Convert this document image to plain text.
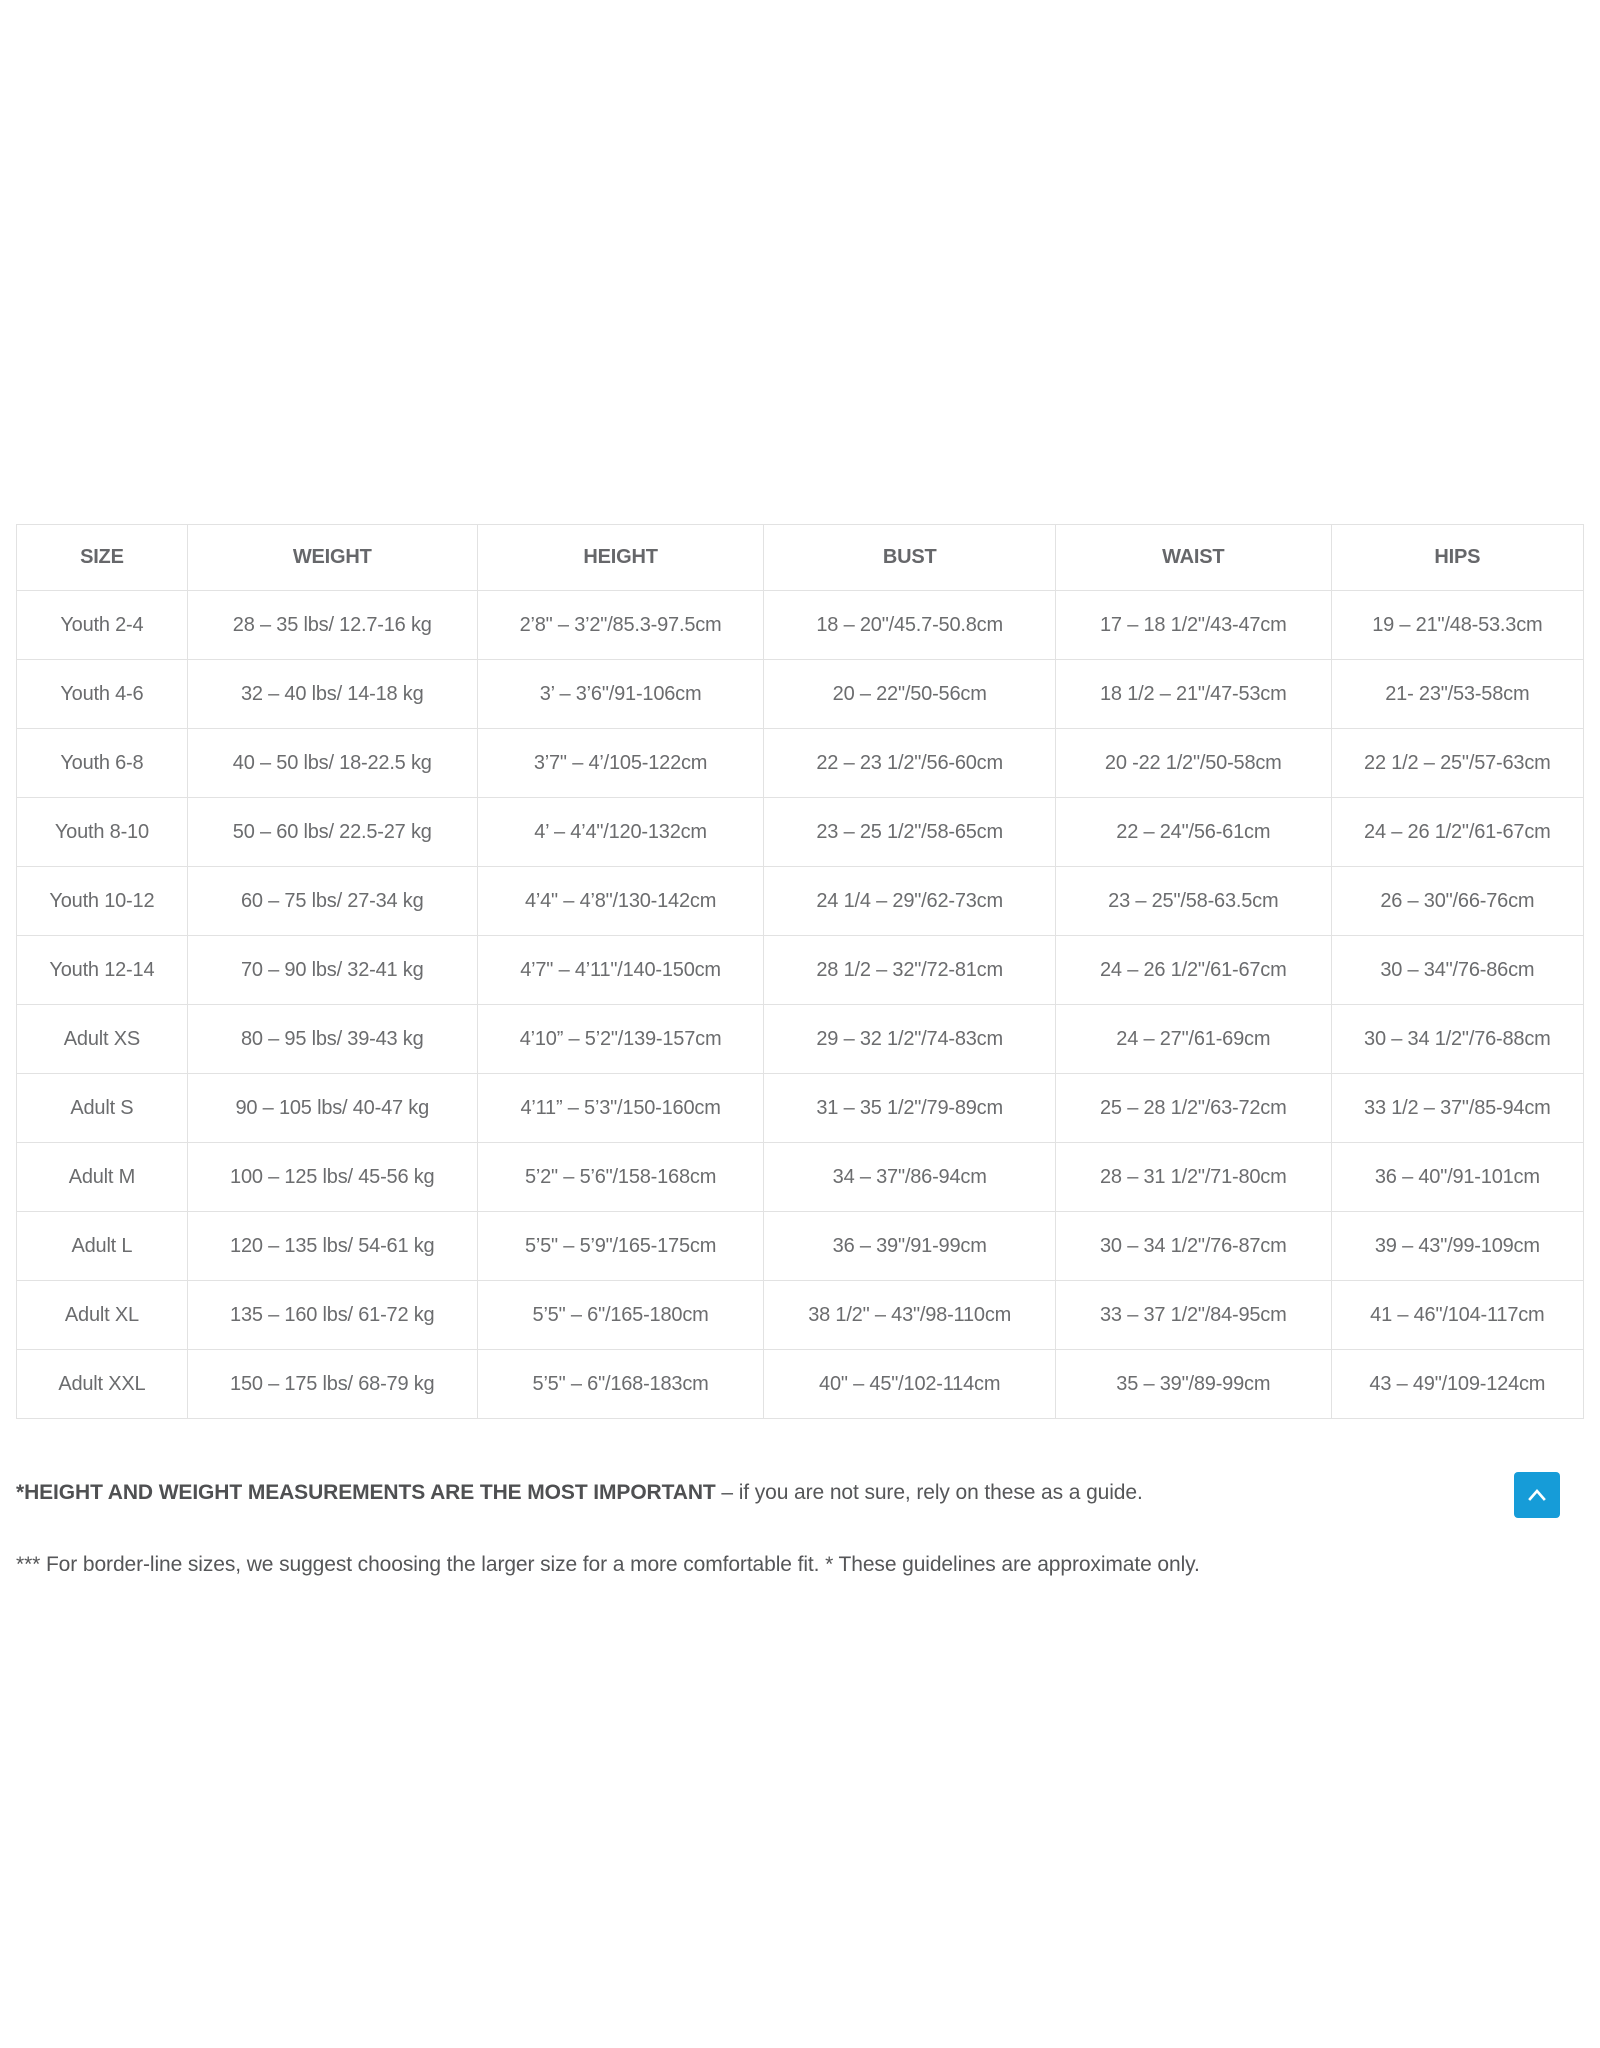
SIZE	WEIGHT	HEIGHT	BUST	WAIST	HIPS
Youth 2-4	28 – 35 lbs/ 12.7-16 kg	2’8" – 3’2"/85.3-97.5cm	18 – 20"/45.7-50.8cm	17 – 18 1/2"/43-47cm	19 – 21"/48-53.3cm
Youth 4-6	32 – 40 lbs/ 14-18 kg	3’ – 3’6"/91-106cm	20 – 22"/50-56cm	18 1/2 – 21"/47-53cm	21- 23"/53-58cm
Youth 6-8	40 – 50 lbs/ 18-22.5 kg	3’7" – 4’/105-122cm	22 – 23 1/2"/56-60cm	20 -22 1/2"/50-58cm	22 1/2 – 25"/57-63cm
Youth 8-10	50 – 60 lbs/ 22.5-27 kg	4’ – 4’4"/120-132cm	23 – 25 1/2"/58-65cm	22 – 24"/56-61cm	24 – 26 1/2"/61-67cm
Youth 10-12	60 – 75 lbs/ 27-34 kg	4’4" – 4’8"/130-142cm	24 1/4 – 29"/62-73cm	23 – 25"/58-63.5cm	26 – 30"/66-76cm
Youth 12-14	70 – 90 lbs/ 32-41 kg	4’7" – 4’11"/140-150cm	28 1/2 – 32"/72-81cm	24 – 26 1/2"/61-67cm	30 – 34"/76-86cm
Adult XS	80 – 95 lbs/ 39-43 kg	4’10” – 5’2"/139-157cm	29 – 32 1/2"/74-83cm	24 – 27"/61-69cm	30 – 34 1/2"/76-88cm
Adult S	90 – 105 lbs/ 40-47 kg	4’11” – 5’3"/150-160cm	31 – 35 1/2"/79-89cm	25 – 28 1/2"/63-72cm	33 1/2 – 37"/85-94cm
Adult M	100 – 125 lbs/ 45-56 kg	5’2" – 5’6"/158-168cm	34 – 37"/86-94cm	28 – 31 1/2"/71-80cm	36 – 40"/91-101cm
Adult L	120 – 135 lbs/ 54-61 kg	5’5" – 5’9"/165-175cm	36 – 39"/91-99cm	30 – 34 1/2"/76-87cm	39 – 43"/99-109cm
Adult XL	135 – 160 lbs/ 61-72 kg	5’5" – 6"/165-180cm	38 1/2" – 43"/98-110cm	33 – 37 1/2"/84-95cm	41 – 46"/104-117cm
Adult XXL	150 – 175 lbs/ 68-79 kg	5’5" – 6"/168-183cm	40" – 45"/102-114cm	35 – 39"/89-99cm	43 – 49"/109-124cm

*HEIGHT AND WEIGHT MEASUREMENTS ARE THE MOST IMPORTANT – if you are not sure, rely on these as a guide.

*** For border-line sizes, we suggest choosing the larger size for a more comfortable fit. * These guidelines are approximate only.
